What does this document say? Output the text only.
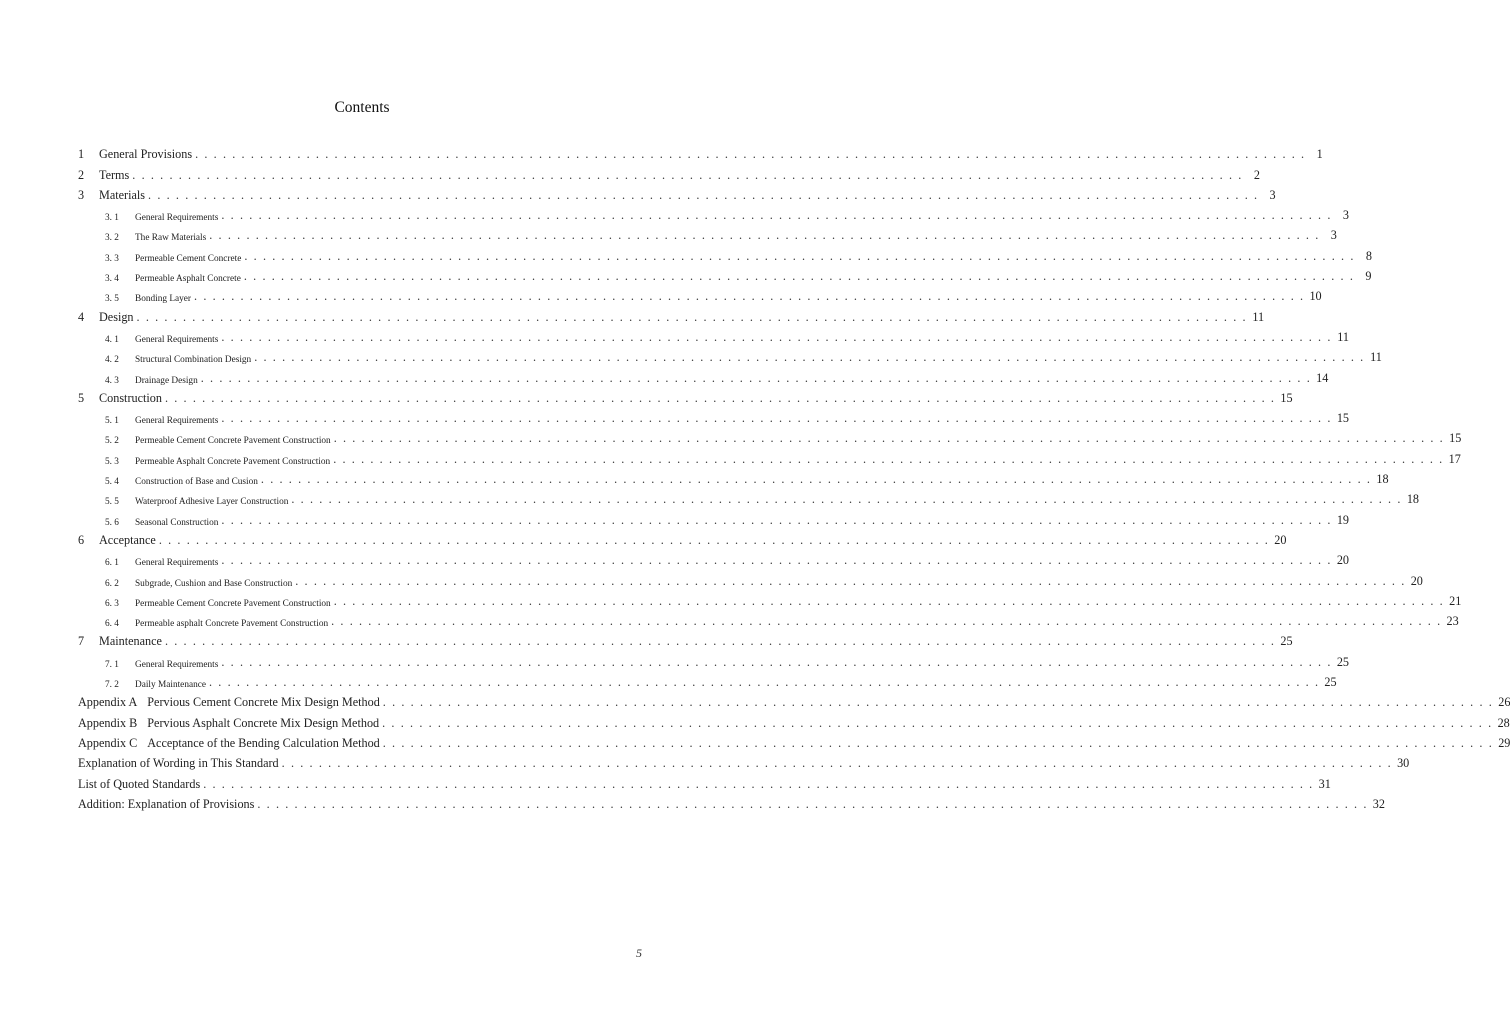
Contents
1	General Provisions . . . . . . . . . . . . . . . . . . . . . . . . . . . . . . . . . . . . . . . . . . . . . . . . . . . . . . . . . . . . . . . . . . . . . . . . . . . . . . . . . . . . . . . . . . . . . . . . . . . . . . . . . . . . . . . . . . . . . . . . 1
2	Terms . . . . . . . . . . . . . . . . . . . . . . . . . . . . . . . . . . . . . . . . . . . . . . . . . . . . . . . . . . . . . . . . . . . . . . . . . . . . . . . . . . . . . . . . . . . . . . . . . . . . . . . . . . . . . . . . . . . . . . . . 2
3	Materials . . . . . . . . . . . . . . . . . . . . . . . . . . . . . . . . . . . . . . . . . . . . . . . . . . . . . . . . . . . . . . . . . . . . . . . . . . . . . . . . . . . . . . . . . . . . . . . . . . . . . . . . . . . . . . . . . . . . . . . . 3
3. 1	General Requirements . . . . . . . . . . . . . . . . . . . . . . . . . . . . . . . . . . . . . . . . . . . . . . . . . . . . . . . . . . . . . . . . . . . . . . . . . . . . . . . . . . . . . . . . . . . . . . . . . . . . . . . . . . . . . . . . . . . . . . . . 3
3. 2	The Raw Materials . . . . . . . . . . . . . . . . . . . . . . . . . . . . . . . . . . . . . . . . . . . . . . . . . . . . . . . . . . . . . . . . . . . . . . . . . . . . . . . . . . . . . . . . . . . . . . . . . . . . . . . . . . . . . . . . . . . . . . . . 3
3. 3	Permeable Cement Concrete . . . . . . . . . . . . . . . . . . . . . . . . . . . . . . . . . . . . . . . . . . . . . . . . . . . . . . . . . . . . . . . . . . . . . . . . . . . . . . . . . . . . . . . . . . . . . . . . . . . . . . . . . . . . . . . . . . . . . . . . 8
3. 4	Permeable Asphalt Concrete . . . . . . . . . . . . . . . . . . . . . . . . . . . . . . . . . . . . . . . . . . . . . . . . . . . . . . . . . . . . . . . . . . . . . . . . . . . . . . . . . . . . . . . . . . . . . . . . . . . . . . . . . . . . . . . . . . . . . . . . 9
3. 5	Bonding Layer . . . . . . . . . . . . . . . . . . . . . . . . . . . . . . . . . . . . . . . . . . . . . . . . . . . . . . . . . . . . . . . . . . . . . . . . . . . . . . . . . . . . . . . . . . . . . . . . . . . . . . . . . . . . . . . . . . . . . . . . 10
4	Design . . . . . . . . . . . . . . . . . . . . . . . . . . . . . . . . . . . . . . . . . . . . . . . . . . . . . . . . . . . . . . . . . . . . . . . . . . . . . . . . . . . . . . . . . . . . . . . . . . . . . . . . . . . . . . . . . . . . . . . . 11
4. 1	General Requirements . . . . . . . . . . . . . . . . . . . . . . . . . . . . . . . . . . . . . . . . . . . . . . . . . . . . . . . . . . . . . . . . . . . . . . . . . . . . . . . . . . . . . . . . . . . . . . . . . . . . . . . . . . . . . . . . . . . . . . . . 11
4. 2	Structural Combination Design . . . . . . . . . . . . . . . . . . . . . . . . . . . . . . . . . . . . . . . . . . . . . . . . . . . . . . . . . . . . . . . . . . . . . . . . . . . . . . . . . . . . . . . . . . . . . . . . . . . . . . . . . . . . . . . . . . . . . . . . 11
4. 3	Drainage Design . . . . . . . . . . . . . . . . . . . . . . . . . . . . . . . . . . . . . . . . . . . . . . . . . . . . . . . . . . . . . . . . . . . . . . . . . . . . . . . . . . . . . . . . . . . . . . . . . . . . . . . . . . . . . . . . . . . . . . . . 14
5	Construction . . . . . . . . . . . . . . . . . . . . . . . . . . . . . . . . . . . . . . . . . . . . . . . . . . . . . . . . . . . . . . . . . . . . . . . . . . . . . . . . . . . . . . . . . . . . . . . . . . . . . . . . . . . . . . . . . . . . . . . . 15
5. 1	General Requirements . . . . . . . . . . . . . . . . . . . . . . . . . . . . . . . . . . . . . . . . . . . . . . . . . . . . . . . . . . . . . . . . . . . . . . . . . . . . . . . . . . . . . . . . . . . . . . . . . . . . . . . . . . . . . . . . . . . . . . . . 15
5. 2	Permeable Cement Concrete Pavement Construction . . . . . . . . . . . . . . . . . . . . . . . . . . . . . . . . . . . . . . . . . . . . . . . . . . . . . . . . . . . . . . . . . . . . . . . . . . . . . . . . . . . . . . . . . . . . . . . . . . . . . . . . . . . . . . . . . . . . . . . . 15
5. 3	Permeable Asphalt Concrete Pavement Construction . . . . . . . . . . . . . . . . . . . . . . . . . . . . . . . . . . . . . . . . . . . . . . . . . . . . . . . . . . . . . . . . . . . . . . . . . . . . . . . . . . . . . . . . . . . . . . . . . . . . . . . . . . . . . . . . . . . . . . . . 17
5. 4	Construction of Base and Cusion . . . . . . . . . . . . . . . . . . . . . . . . . . . . . . . . . . . . . . . . . . . . . . . . . . . . . . . . . . . . . . . . . . . . . . . . . . . . . . . . . . . . . . . . . . . . . . . . . . . . . . . . . . . . . . . . . . . . . . . . 18
5. 5	Waterproof Adhesive Layer Construction . . . . . . . . . . . . . . . . . . . . . . . . . . . . . . . . . . . . . . . . . . . . . . . . . . . . . . . . . . . . . . . . . . . . . . . . . . . . . . . . . . . . . . . . . . . . . . . . . . . . . . . . . . . . . . . . . . . . . . . . 18
5. 6	Seasonal Construction . . . . . . . . . . . . . . . . . . . . . . . . . . . . . . . . . . . . . . . . . . . . . . . . . . . . . . . . . . . . . . . . . . . . . . . . . . . . . . . . . . . . . . . . . . . . . . . . . . . . . . . . . . . . . . . . . . . . . . . . 19
6	Acceptance . . . . . . . . . . . . . . . . . . . . . . . . . . . . . . . . . . . . . . . . . . . . . . . . . . . . . . . . . . . . . . . . . . . . . . . . . . . . . . . . . . . . . . . . . . . . . . . . . . . . . . . . . . . . . . . . . . . . . . . . 20
6. 1	General Requirements . . . . . . . . . . . . . . . . . . . . . . . . . . . . . . . . . . . . . . . . . . . . . . . . . . . . . . . . . . . . . . . . . . . . . . . . . . . . . . . . . . . . . . . . . . . . . . . . . . . . . . . . . . . . . . . . . . . . . . . . 20
6. 2	Subgrade, Cushion and Base Construction . . . . . . . . . . . . . . . . . . . . . . . . . . . . . . . . . . . . . . . . . . . . . . . . . . . . . . . . . . . . . . . . . . . . . . . . . . . . . . . . . . . . . . . . . . . . . . . . . . . . . . . . . . . . . . . . . . . . . . . . 20
6. 3	Permeable Cement Concrete Pavement Construction . . . . . . . . . . . . . . . . . . . . . . . . . . . . . . . . . . . . . . . . . . . . . . . . . . . . . . . . . . . . . . . . . . . . . . . . . . . . . . . . . . . . . . . . . . . . . . . . . . . . . . . . . . . . . . . . . . . . . . . . 21
6. 4	Permeable asphalt Concrete Pavement Construction . . . . . . . . . . . . . . . . . . . . . . . . . . . . . . . . . . . . . . . . . . . . . . . . . . . . . . . . . . . . . . . . . . . . . . . . . . . . . . . . . . . . . . . . . . . . . . . . . . . . . . . . . . . . . . . . . . . . . . . . 23
7	Maintenance . . . . . . . . . . . . . . . . . . . . . . . . . . . . . . . . . . . . . . . . . . . . . . . . . . . . . . . . . . . . . . . . . . . . . . . . . . . . . . . . . . . . . . . . . . . . . . . . . . . . . . . . . . . . . . . . . . . . . . . . 25
7. 1	General Requirements . . . . . . . . . . . . . . . . . . . . . . . . . . . . . . . . . . . . . . . . . . . . . . . . . . . . . . . . . . . . . . . . . . . . . . . . . . . . . . . . . . . . . . . . . . . . . . . . . . . . . . . . . . . . . . . . . . . . . . . . 25
7. 2	Daily Maintenance . . . . . . . . . . . . . . . . . . . . . . . . . . . . . . . . . . . . . . . . . . . . . . . . . . . . . . . . . . . . . . . . . . . . . . . . . . . . . . . . . . . . . . . . . . . . . . . . . . . . . . . . . . . . . . . . . . . . . . . . 25
Appendix A Pervious Cement Concrete Mix Design Method . . . . . . . . . . . . . . . . . . . . . . . . . . . . . . . . . . . . . . . . . . . . . . . . . . . . . . . . . . . . . . . . . . . . . . . . . . . . . . . . . . . . . . . . . . . . . . . . . . . . . . . . . . . . . . . . . . . . . . . . 26
Appendix B Pervious Asphalt Concrete Mix Design Method . . . . . . . . . . . . . . . . . . . . . . . . . . . . . . . . . . . . . . . . . . . . . . . . . . . . . . . . . . . . . . . . . . . . . . . . . . . . . . . . . . . . . . . . . . . . . . . . . . . . . . . . . . . . . . . . . . . . . . . . 28
Appendix C Acceptance of the Bending Calculation Method . . . . . . . . . . . . . . . . . . . . . . . . . . . . . . . . . . . . . . . . . . . . . . . . . . . . . . . . . . . . . . . . . . . . . . . . . . . . . . . . . . . . . . . . . . . . . . . . . . . . . . . . . . . . . . . . . . . . . . . . 29
Explanation of Wording in This Standard . . . . . . . . . . . . . . . . . . . . . . . . . . . . . . . . . . . . . . . . . . . . . . . . . . . . . . . . . . . . . . . . . . . . . . . . . . . . . . . . . . . . . . . . . . . . . . . . . . . . . . . . . . . . . . . . . . . . . . . . 30
List of Quoted Standards . . . . . . . . . . . . . . . . . . . . . . . . . . . . . . . . . . . . . . . . . . . . . . . . . . . . . . . . . . . . . . . . . . . . . . . . . . . . . . . . . . . . . . . . . . . . . . . . . . . . . . . . . . . . . . . . . . . . . . . . 31
Addition: Explanation of Provisions . . . . . . . . . . . . . . . . . . . . . . . . . . . . . . . . . . . . . . . . . . . . . . . . . . . . . . . . . . . . . . . . . . . . . . . . . . . . . . . . . . . . . . . . . . . . . . . . . . . . . . . . . . . . . . . . . . . . . . . . 32
5
